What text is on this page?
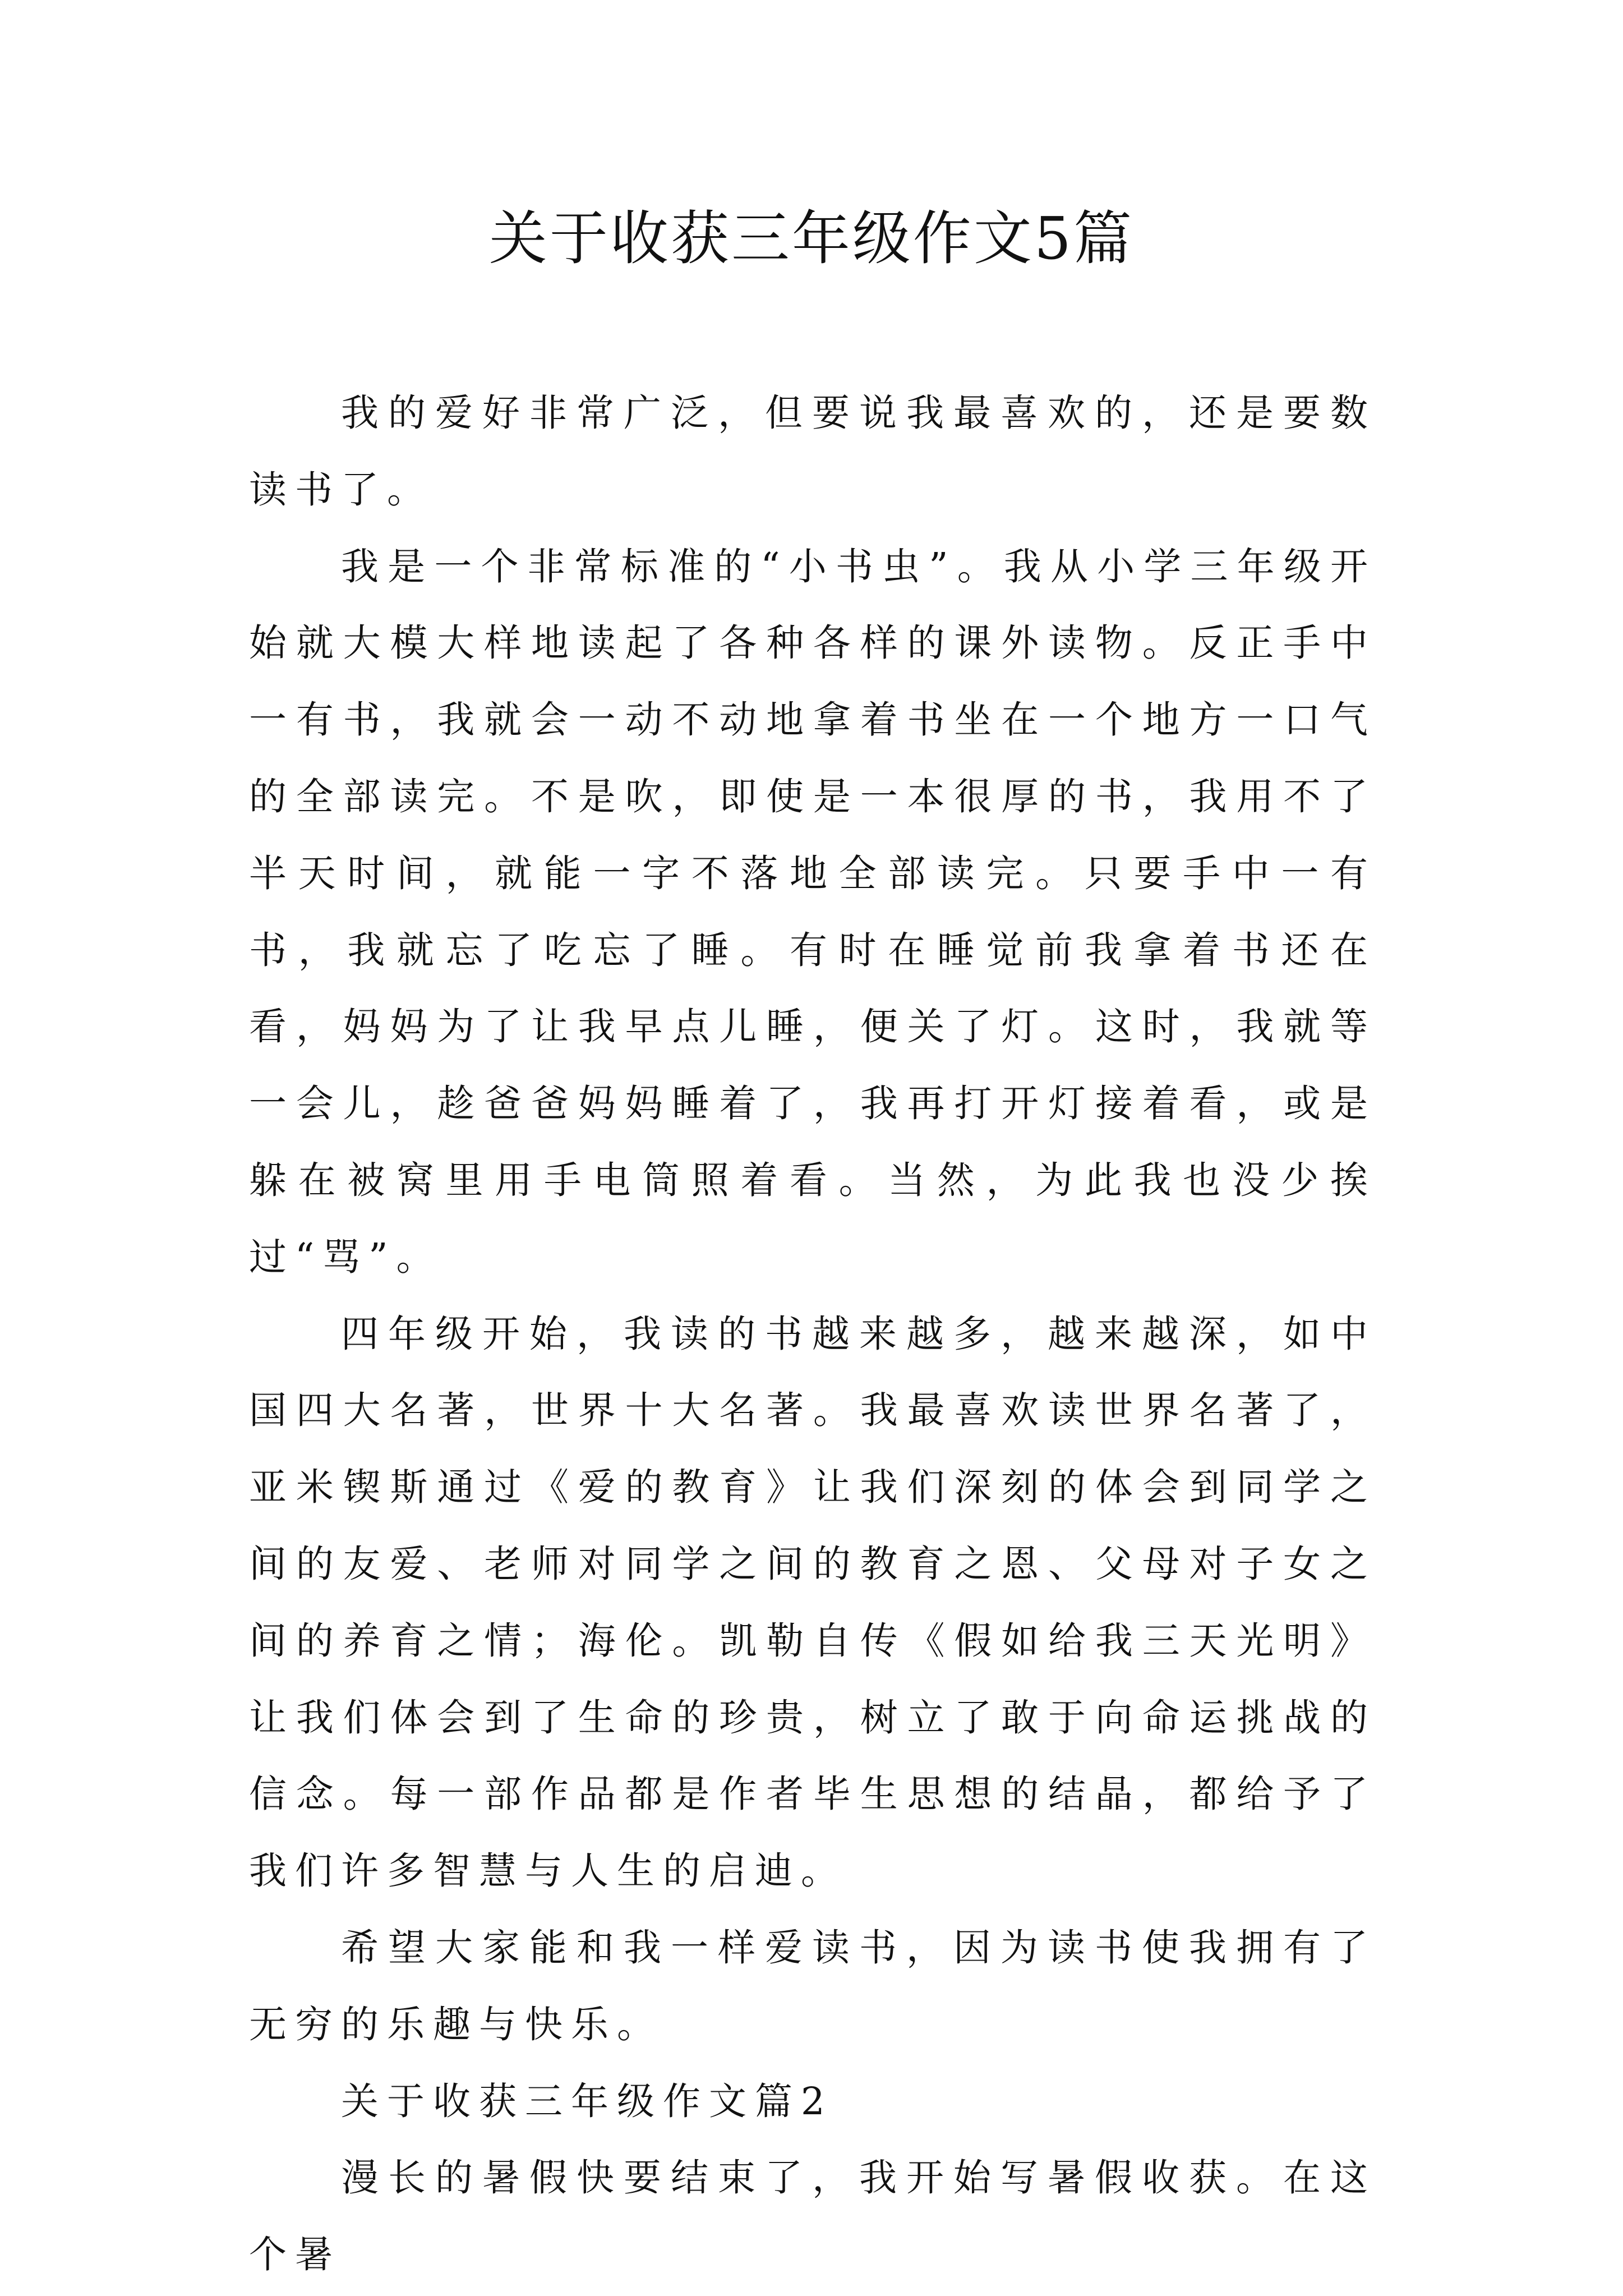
关于收获三年级作文5篇

我的爱好非常广泛，但要说我最喜欢的，还是要数读书了。

我是一个非常标准的“小书虫”。我从小学三年级开始就大模大样地读起了各种各样的课外读物。反正手中一有书，我就会一动不动地拿着书坐在一个地方一口气的全部读完。不是吹，即使是一本很厚的书，我用不了半天时间，就能一字不落地全部读完。只要手中一有书，我就忘了吃忘了睡。有时在睡觉前我拿着书还在看，妈妈为了让我早点儿睡，便关了灯。这时，我就等一会儿，趁爸爸妈妈睡着了，我再打开灯接着看，或是躲在被窝里用手电筒照着看。当然，为此我也没少挨过“骂”。

四年级开始，我读的书越来越多，越来越深，如中国四大名著，世界十大名著。我最喜欢读世界名著了，亚米锲斯通过《爱的教育》让我们深刻的体会到同学之间的友爱、老师对同学之间的教育之恩、父母对子女之间的养育之情；海伦。凯勒自传《假如给我三天光明》让我们体会到了生命的珍贵，树立了敢于向命运挑战的信念。每一部作品都是作者毕生思想的结晶，都给予了我们许多智慧与人生的启迪。

希望大家能和我一样爱读书，因为读书使我拥有了无穷的乐趣与快乐。

关于收获三年级作文篇2

漫长的暑假快要结束了，我开始写暑假收获。在这个暑
